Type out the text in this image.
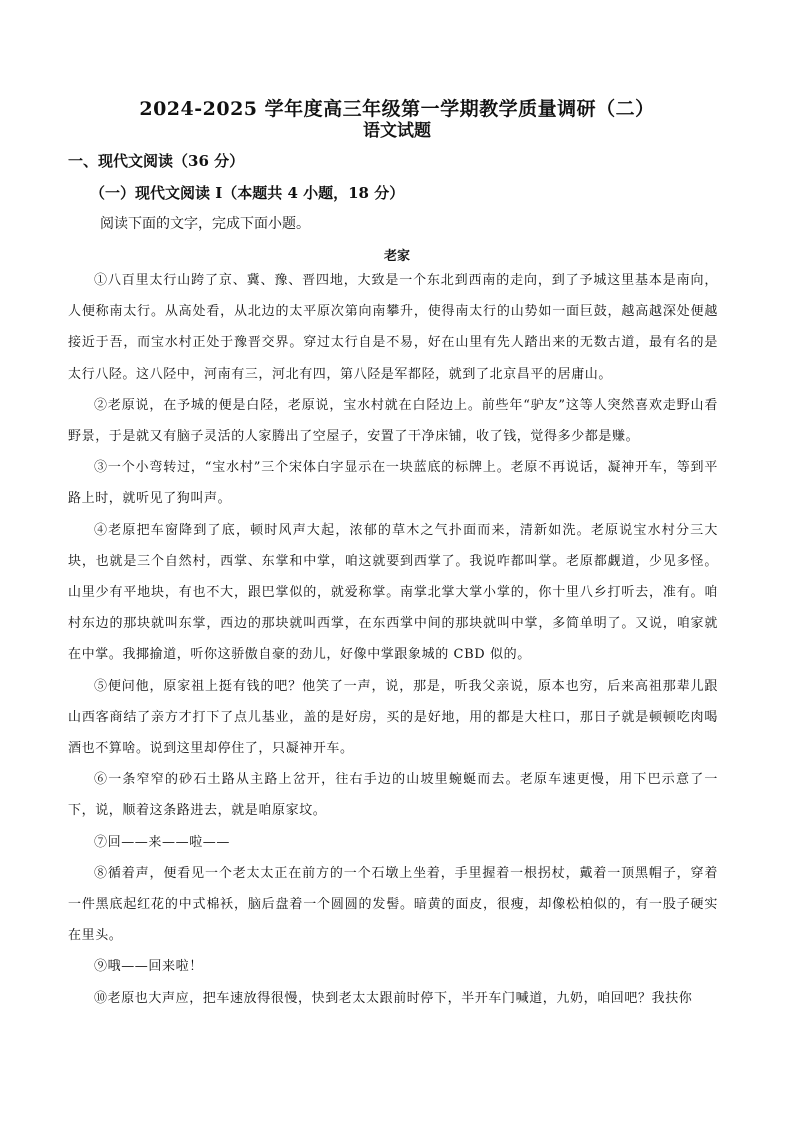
2024-2025 学年度高三年级第一学期教学质量调研（二）
语文试题
一、现代文阅读（36 分）
（一）现代文阅读 I（本题共 4 小题，18 分）
阅读下面的文字，完成下面小题。
老家

①八百里太行山跨了京、冀、豫、晋四地，大致是一个东北到西南的走向，到了予城这里基本是南向，人便称南太行。从高处看，从北边的太平原次第向南攀升，使得南太行的山势如一面巨鼓，越高越深处便越接近于吾，而宝水村正处于豫晋交界。穿过太行自是不易，好在山里有先人踏出来的无数古道，最有名的是太行八陉。这八陉中，河南有三，河北有四，第八陉是军都陉，就到了北京昌平的居庸山。

②老原说，在予城的便是白陉，老原说，宝水村就在白陉边上。前些年“驴友”这等人突然喜欢走野山看野景，于是就又有脑子灵活的人家腾出了空屋子，安置了干净床铺，收了钱，觉得多少都是赚。

③一个小弯转过，“宝水村”三个宋体白字显示在一块蓝底的标牌上。老原不再说话，凝神开车，等到平路上时，就听见了狗叫声。

④老原把车窗降到了底，顿时风声大起，浓郁的草木之气扑面而来，清新如洗。老原说宝水村分三大块，也就是三个自然村，西掌、东掌和中掌，咱这就要到西掌了。我说咋都叫掌。老原都觑道，少见多怪。山里少有平地块，有也不大，跟巴掌似的，就爱称掌。南掌北掌大掌小掌的，你十里八乡打听去，准有。咱村东边的那块就叫东掌，西边的那块就叫西掌，在东西掌中间的那块就叫中掌，多简单明了。又说，咱家就在中掌。我揶揄道，听你这骄傲自豪的劲儿，好像中掌跟象城的 CBD 似的。

⑤便问他，原家祖上挺有钱的吧？他笑了一声，说，那是，听我父亲说，原本也穷，后来高祖那辈儿跟山西客商结了亲方才打下了点儿基业，盖的是好房，买的是好地，用的都是大柱口，那日子就是顿顿吃肉喝酒也不算啥。说到这里却停住了，只凝神开车。

⑥一条窄窄的砂石土路从主路上岔开，往右手边的山坡里蜿蜒而去。老原车速更慢，用下巴示意了一下，说，顺着这条路进去，就是咱原家坟。

⑦回——来——啦——

⑧循着声，便看见一个老太太正在前方的一个石墩上坐着，手里握着一根拐杖，戴着一顶黑帽子，穿着一件黑底起红花的中式棉袄，脑后盘着一个圆圆的发髻。暗黄的面皮，很瘦，却像松柏似的，有一股子硬实在里头。

⑨哦——回来啦！

⑩老原也大声应，把车速放得很慢，快到老太太跟前时停下，半开车门喊道，九奶，咱回吧？我扶你
